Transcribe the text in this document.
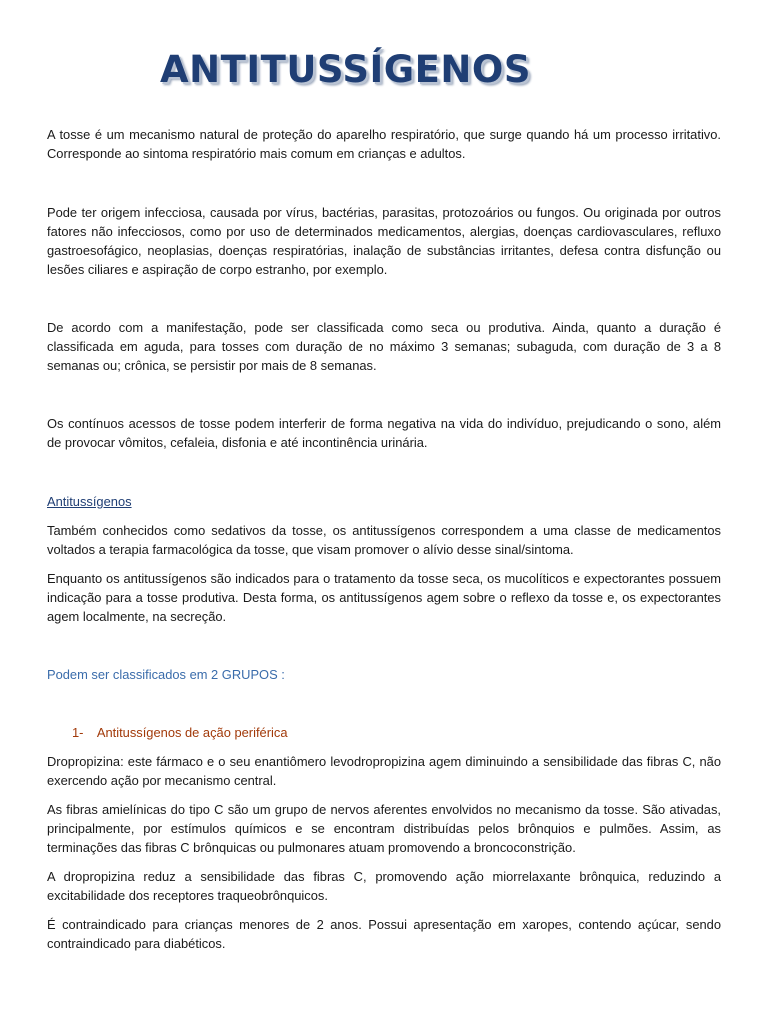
ANTITUSSÍGENOS

A tosse é um mecanismo natural de proteção do aparelho respiratório, que surge quando há um processo irritativo. Corresponde ao sintoma respiratório mais comum em crianças e adultos.

Pode ter origem infecciosa, causada por vírus, bactérias, parasitas, protozoários ou fungos. Ou originada por outros fatores não infecciosos, como por uso de determinados medicamentos, alergias, doenças cardiovasculares, refluxo gastroesofágico, neoplasias, doenças respiratórias, inalação de substâncias irritantes, defesa contra disfunção ou lesões ciliares e aspiração de corpo estranho, por exemplo.

De acordo com a manifestação, pode ser classificada como seca ou produtiva. Ainda, quanto a duração é classificada em aguda, para tosses com duração de no máximo 3 semanas; subaguda, com duração de 3 a 8 semanas ou; crônica, se persistir por mais de 8 semanas.

Os contínuos acessos de tosse podem interferir de forma negativa na vida do indivíduo, prejudicando o sono, além de provocar vômitos, cefaleia, disfonia e até incontinência urinária.

Antitussígenos

Também conhecidos como sedativos da tosse, os antitussígenos correspondem a uma classe de medicamentos voltados a terapia farmacológica da tosse, que visam promover o alívio desse sinal/sintoma.

Enquanto os antitussígenos são indicados para o tratamento da tosse seca, os mucolíticos e expectorantes possuem indicação para a tosse produtiva. Desta forma, os antitussígenos agem sobre o reflexo da tosse e, os expectorantes agem localmente, na secreção.

Podem ser classificados em 2 GRUPOS :

1- Antitussígenos de ação periférica

Dropropizina: este fármaco e o seu enantiômero levodropropizina agem diminuindo a sensibilidade das fibras C, não exercendo ação por mecanismo central.

As fibras amielínicas do tipo C são um grupo de nervos aferentes envolvidos no mecanismo da tosse. São ativadas, principalmente, por estímulos químicos e se encontram distribuídas pelos brônquios e pulmões. Assim, as terminações das fibras C brônquicas ou pulmonares atuam promovendo a broncoconstrição.

A dropropizina reduz a sensibilidade das fibras C, promovendo ação miorrelaxante brônquica, reduzindo a excitabilidade dos receptores traqueobrônquicos.

É contraindicado para crianças menores de 2 anos. Possui apresentação em xaropes, contendo açúcar, sendo contraindicado para diabéticos.
